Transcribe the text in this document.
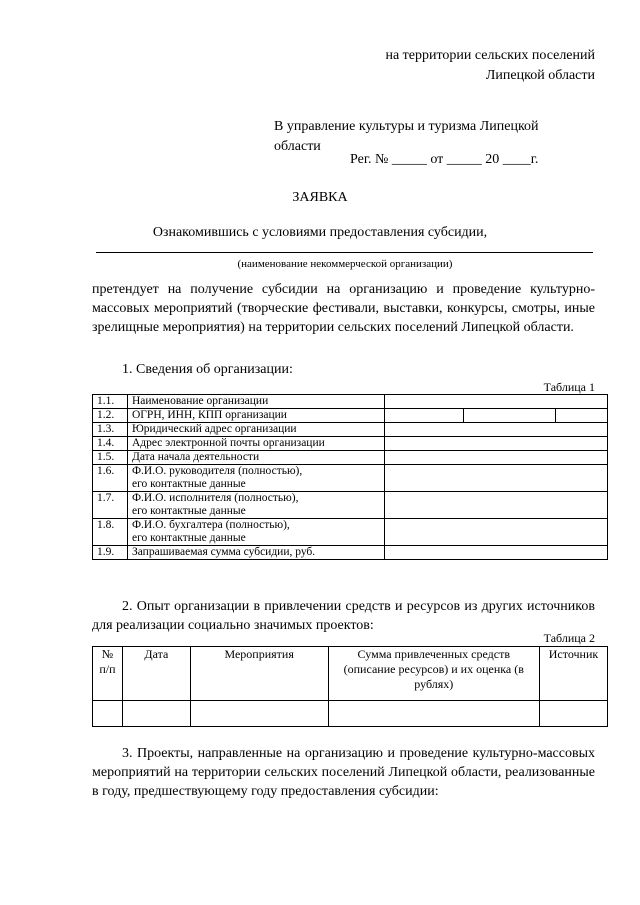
на территории сельских поселений
Липецкой области
В управление культуры и туризма Липецкой
области
Рег. № _____ от _____ 20 ____г.
ЗАЯВКА
Ознакомившись с условиями предоставления субсидии,
(наименование некоммерческой организации)
претендует на получение субсидии на организацию и проведение культурно-массовых мероприятий (творческие фестивали, выставки, конкурсы, смотры, иные зрелищные мероприятия) на территории сельских поселений Липецкой области.
1. Сведения об организации:
Таблица 1
1.1.	Наименование организации			
1.2.	ОГРН, ИНН, КПП организации			
1.3.	Юридический адрес организации			
1.4.	Адрес электронной почты организации			
1.5.	Дата начала деятельности			
1.6.	Ф.И.О. руководителя (полностью),
его контактные данные			

1.7.	Ф.И.О. исполнителя (полностью),
его контактные данные			

1.8.	Ф.И.О. бухгалтера (полностью),
его контактные данные			

1.9.	Запрашиваемая сумма субсидии, руб.			
2. Опыт организации в привлечении средств и ресурсов из других источников для реализации социально значимых проектов:
Таблица 2
№ п/п	Дата	Мероприятия	Сумма привлеченных средств (описание ресурсов) и их оценка (в рублях)	Источник

3. Проекты, направленные на организацию и проведение культурно-массовых мероприятий на территории сельских поселений Липецкой области, реализованные в году, предшествующему году предоставления субсидии:
